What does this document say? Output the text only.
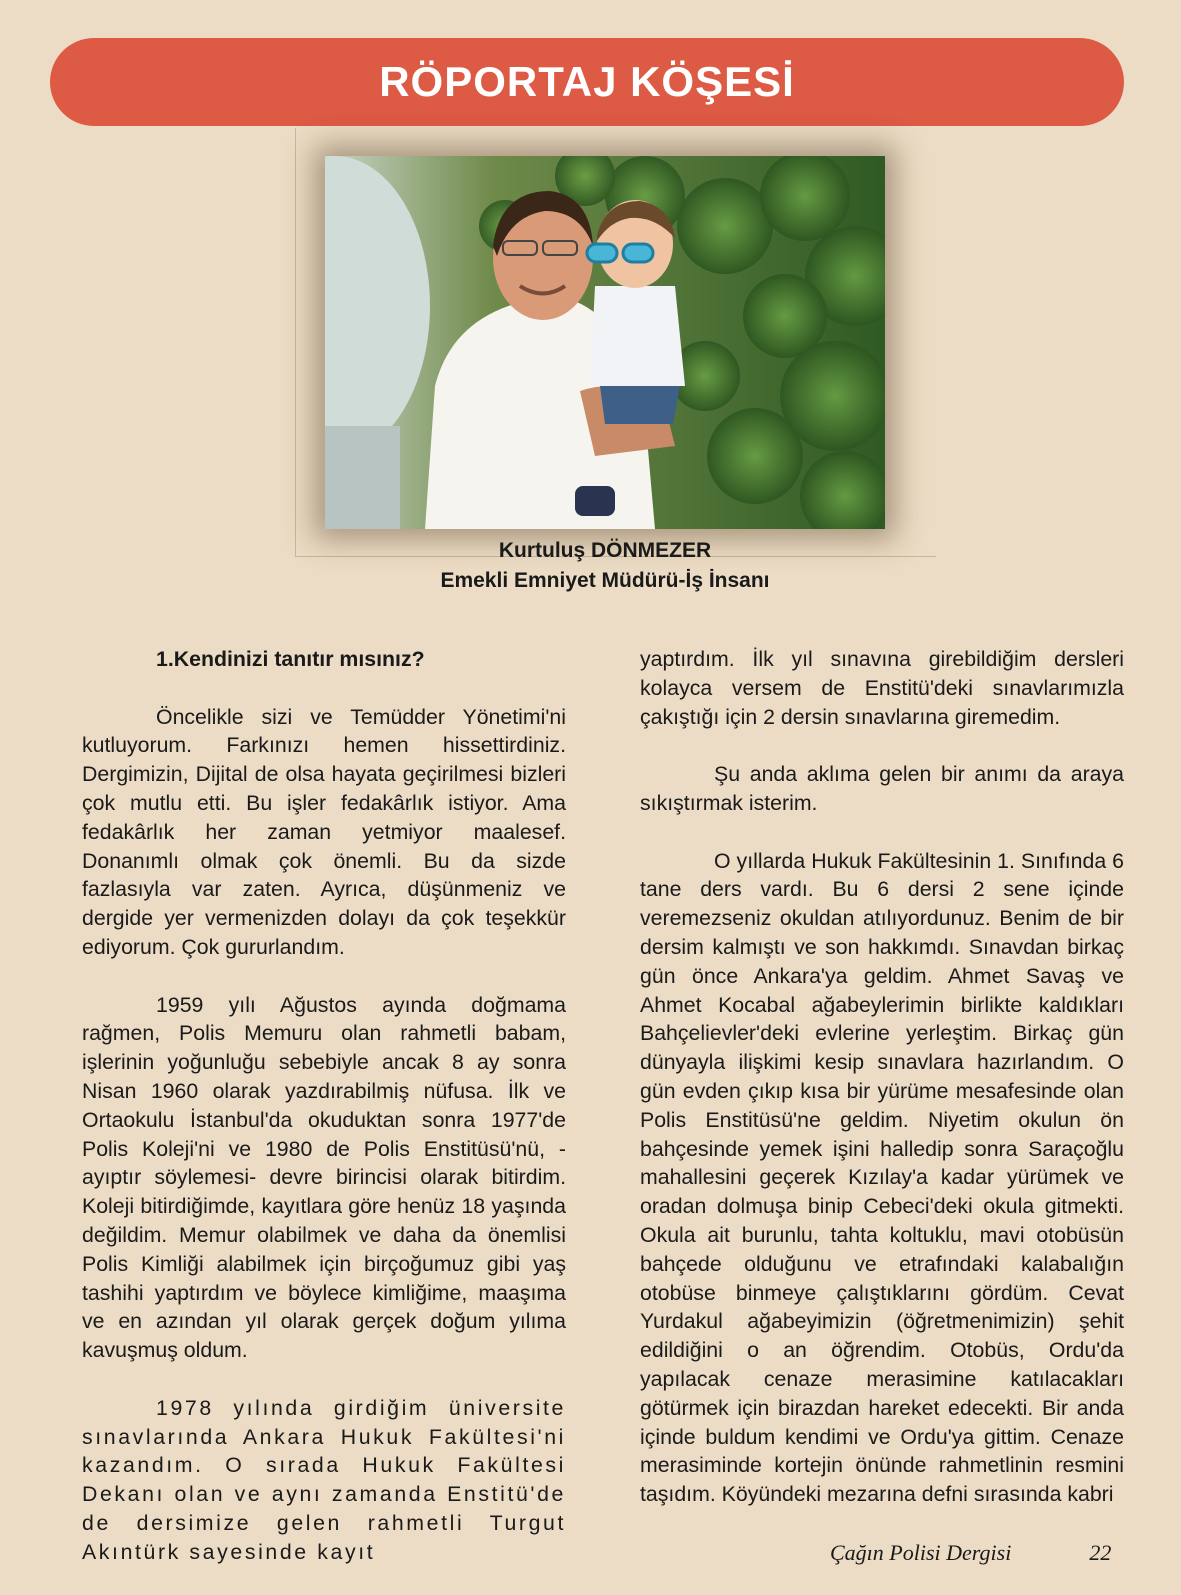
RÖPORTAJ KÖŞESİ
Kurtuluş DÖNMEZER
Emekli Emniyet Müdürü-İş İnsanı
1.Kendinizi tanıtır mısınız?

Öncelikle sizi ve Temüdder Yönetimi'ni kutluyorum. Farkınızı hemen hissettirdiniz. Dergimizin, Dijital de olsa hayata geçirilmesi bizleri çok mutlu etti. Bu işler fedakârlık istiyor. Ama fedakârlık her zaman yetmiyor maalesef. Donanımlı olmak çok önemli. Bu da sizde fazlasıyla var zaten. Ayrıca, düşünmeniz ve dergide yer vermenizden dolayı da çok teşekkür ediyorum. Çok gururlandım.

1959 yılı Ağustos ayında doğmama rağmen, Polis Memuru olan rahmetli babam, işlerinin yoğunluğu sebebiyle ancak 8 ay sonra Nisan 1960 olarak yazdırabilmiş nüfusa. İlk ve Ortaokulu İstanbul'da okuduktan sonra 1977'de Polis Koleji'ni ve 1980 de Polis Enstitüsü'nü, -ayıptır söylemesi- devre birincisi olarak bitirdim. Koleji bitirdiğimde, kayıtlara göre henüz 18 yaşında değildim. Memur olabilmek ve daha da önemlisi Polis Kimliği alabilmek için birçoğumuz gibi yaş tashihi yaptırdım ve böylece kimliğime, maaşıma ve en azından yıl olarak gerçek doğum yılıma kavuşmuş oldum.

1978 yılında girdiğim üniversite sınavlarında Ankara Hukuk Fakültesi'ni kazandım. O sırada Hukuk Fakültesi Dekanı olan ve aynı zamanda Enstitü'de de dersimize gelen rahmetli Turgut Akıntürk sayesinde kayıt

yaptırdım. İlk yıl sınavına girebildiğim dersleri kolayca versem de Enstitü'deki sınavlarımızla çakıştığı için 2 dersin sınavlarına giremedim.

Şu anda aklıma gelen bir anımı da araya sıkıştırmak isterim.

O yıllarda Hukuk Fakültesinin 1. Sınıfında 6 tane ders vardı. Bu 6 dersi 2 sene içinde veremezseniz okuldan atılıyordunuz. Benim de bir dersim kalmıştı ve son hakkımdı. Sınavdan birkaç gün önce Ankara'ya geldim. Ahmet Savaş ve Ahmet Kocabal ağabeylerimin birlikte kaldıkları Bahçelievler'deki evlerine yerleştim. Birkaç gün dünyayla ilişkimi kesip sınavlara hazırlandım. O gün evden çıkıp kısa bir yürüme mesafesinde olan Polis Enstitüsü'ne geldim. Niyetim okulun ön bahçesinde yemek işini halledip sonra Saraçoğlu mahallesini geçerek Kızılay'a kadar yürümek ve oradan dolmuşa binip Cebeci'deki okula gitmekti. Okula ait burunlu, tahta koltuklu, mavi otobüsün bahçede olduğunu ve etrafındaki kalabalığın otobüse binmeye çalıştıklarını gördüm. Cevat Yurdakul ağabeyimizin (öğretmenimizin) şehit edildiğini o an öğrendim. Otobüs, Ordu'da yapılacak cenaze merasimine katılacakları götürmek için birazdan hareket edecekti. Bir anda içinde buldum kendimi ve Ordu'ya gittim. Cenaze merasiminde kortejin önünde rahmetlinin resmini taşıdım. Köyündeki mezarına defni sırasında kabri

Çağın Polisi Dergisi	22
